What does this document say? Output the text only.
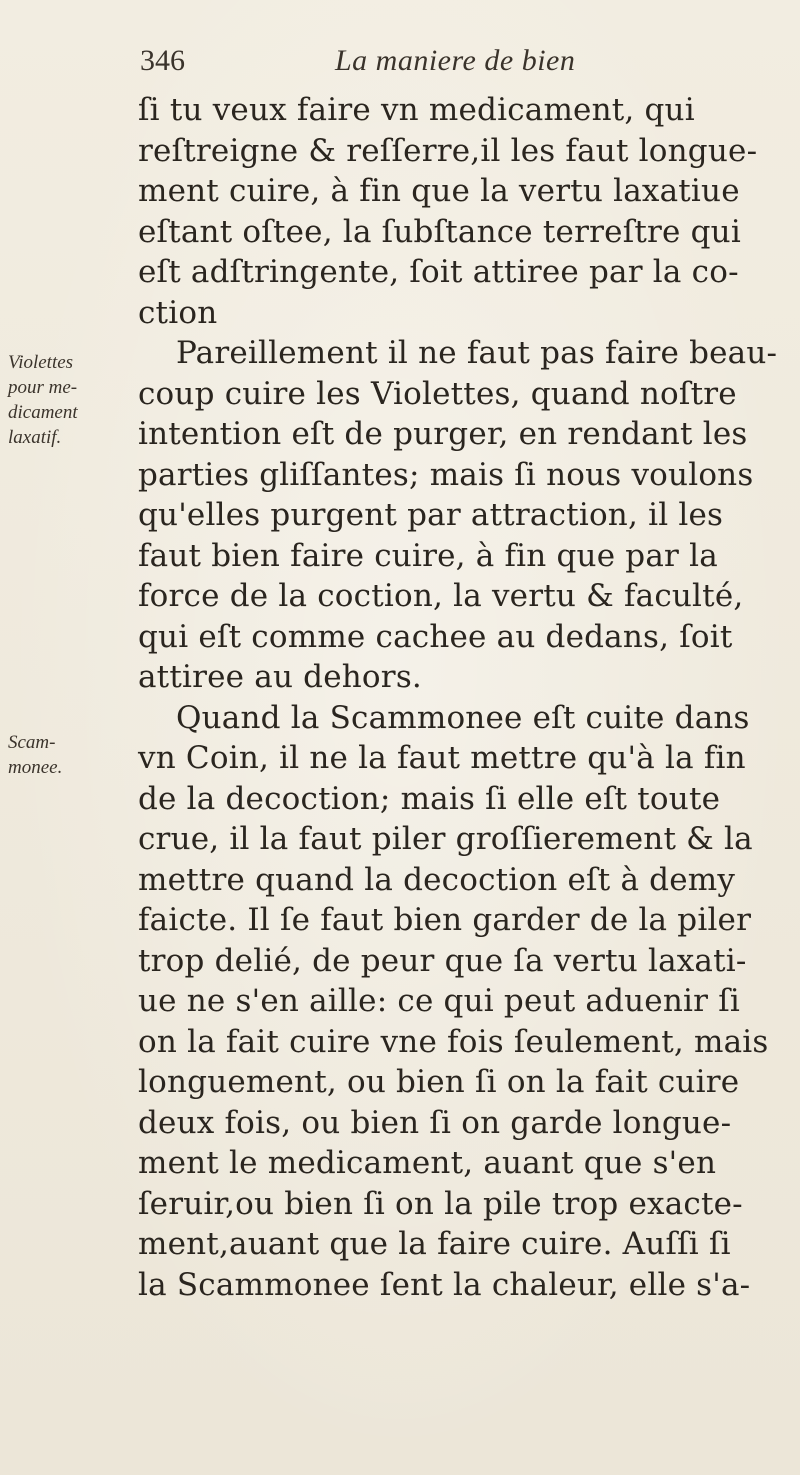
346	La maniere de bien
Violettes
pour me-
dicament
laxatif.
Scam-
monee.
ſi tu veux faire vn medicament, qui
reſtreigne & reſſerre,il les faut longue-
ment cuire, à fin que la vertu laxatiue
eſtant oſtee, la ſubſtance terreſtre qui
eſt adſtringente, ſoit attiree par la co-
ction
Pareillement il ne faut pas faire beau-
coup cuire les Violettes, quand noſtre
intention eſt de purger, en rendant les
parties gliſſantes; mais ſi nous voulons
qu'elles purgent par attraction, il les
faut bien faire cuire, à fin que par la
force de la coction, la vertu & faculté,
qui eſt comme cachee au dedans, ſoit
attiree au dehors.
Quand la Scammonee eſt cuite dans
vn Coin, il ne la faut mettre qu'à la fin
de la decoction; mais ſi elle eſt toute
crue, il la faut piler groſſierement & la
mettre quand la decoction eſt à demy
faicte. Il ſe faut bien garder de la piler
trop delié, de peur que ſa vertu laxati-
ue ne s'en aille: ce qui peut aduenir ſi
on la fait cuire vne fois ſeulement, mais
longuement, ou bien ſi on la fait cuire
deux fois, ou bien ſi on garde longue-
ment le medicament, auant que s'en
ſeruir,ou bien ſi on la pile trop exacte-
ment,auant que la faire cuire. Auſſi ſi
la Scammonee ſent la chaleur, elle s'a-
